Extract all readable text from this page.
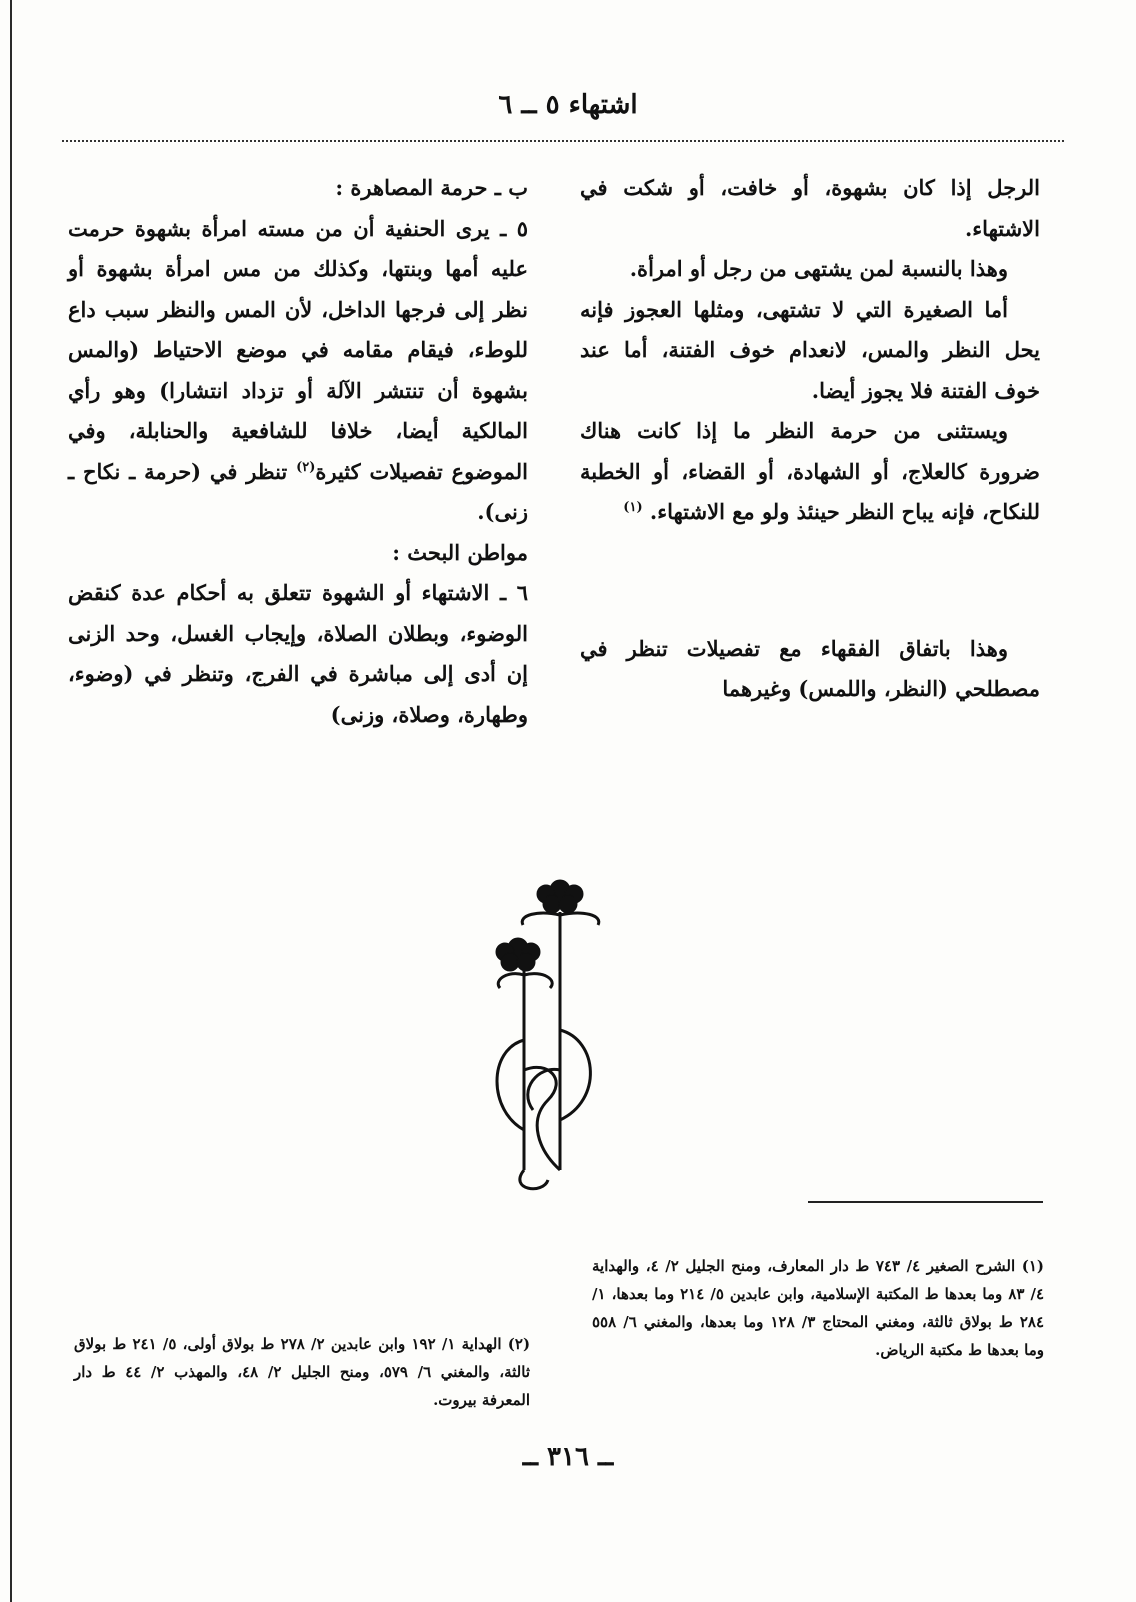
اشتهاء ٥ ــ ٦

الرجل إذا كان بشهوة، أو خافت، أو شكت في الاشتهاء.

وهذا بالنسبة لمن يشتهى من رجل أو امرأة.

أما الصغيرة التي لا تشتهى، ومثلها العجوز فإنه يحل النظر والمس، لانعدام خوف الفتنة، أما عند خوف الفتنة فلا يجوز أيضا.

ويستثنى من حرمة النظر ما إذا كانت هناك ضرورة كالعلاج، أو الشهادة، أو القضاء، أو الخطبة للنكاح، فإنه يباح النظر حينئذ ولو مع الاشتهاء. $^{(١)}$

وهذا باتفاق الفقهاء مع تفصيلات تنظر في مصطلحي (النظر، واللمس) وغيرهما

ب ـ حرمة المصاهرة :

٥ ـ يرى الحنفية أن من مسته امرأة بشهوة حرمت عليه أمها وبنتها، وكذلك من مس امرأة بشهوة أو نظر إلى فرجها الداخل، لأن المس والنظر سبب داع للوطء، فيقام مقامه في موضع الاحتياط (والمس بشهوة أن تنتشر الآلة أو تزداد انتشارا) وهو رأي المالكية أيضا، خلافا للشافعية والحنابلة، وفي الموضوع تفصيلات كثيرة$^{(٢)}$ تنظر في (حرمة ـ نكاح ـ زنى).

مواطن البحث :

٦ ـ الاشتهاء أو الشهوة تتعلق به أحكام عدة كنقض الوضوء، وبطلان الصلاة، وإيجاب الغسل، وحد الزنى إن أدى إلى مباشرة في الفرج، وتنظر في (وضوء، وطهارة، وصلاة، وزنى)

(١) الشرح الصغير ٤/ ٧٤٣ ط دار المعارف، ومنح الجليل ٢/ ٤، والهداية ٤/ ٨٣ وما بعدها ط المكتبة الإسلامية، وابن عابدين ٥/ ٢١٤ وما بعدها، ١/ ٢٨٤ ط بولاق ثالثة، ومغني المحتاج ٣/ ١٢٨ وما بعدها، والمغني ٦/ ٥٥٨ وما بعدها ط مكتبة الرياض.
(٢) الهداية ١/ ١٩٢ وابن عابدين ٢/ ٢٧٨ ط بولاق أولى، ٥/ ٢٤١ ط بولاق ثالثة، والمغني ٦/ ٥٧٩، ومنح الجليل ٢/ ٤٨، والمهذب ٢/ ٤٤ ط دار المعرفة بيروت.
ــ ٣١٦ ــ
